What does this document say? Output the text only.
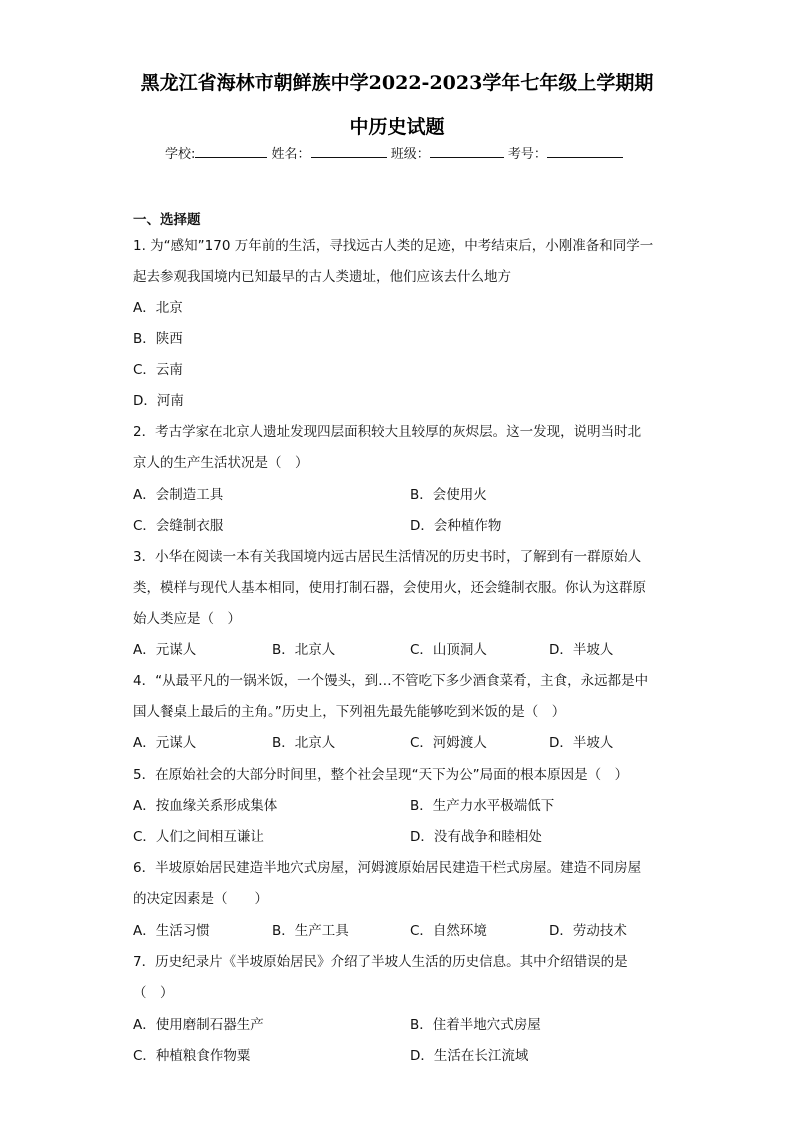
黑龙江省海林市朝鲜族中学2022-2023学年七年级上学期期
中历史试题
学校:	姓名：	班级：	考号：
一、选择题
1. 为“感知”170 万年前的生活，寻找远古人类的足迹，中考结束后，小刚准备和同学一
起去参观我国境内已知最早的古人类遗址，他们应该去什么地方
A．北京
B．陕西
C．云南
D．河南
2．考古学家在北京人遗址发现四层面积较大且较厚的灰烬层。这一发现，说明当时北
京人的生产生活状况是（　）
A．会制造工具	B．会使用火
C．会缝制衣服	D．会种植作物
3．小华在阅读一本有关我国境内远古居民生活情况的历史书时，了解到有一群原始人
类，模样与现代人基本相同，使用打制石器，会使用火，还会缝制衣服。你认为这群原
始人类应是（　）
A．元谋人	B．北京人	C．山顶洞人	D．半坡人
4．“从最平凡的一锅米饭，一个馒头，到…不管吃下多少酒食菜肴，主食，永远都是中
国人餐桌上最后的主角。”历史上，下列祖先最先能够吃到米饭的是（　）
A．元谋人	B．北京人	C．河姆渡人	D．半坡人
5．在原始社会的大部分时间里，整个社会呈现“天下为公”局面的根本原因是（　）
A．按血缘关系形成集体	B．生产力水平极端低下
C．人们之间相互谦让	D．没有战争和睦相处
6．半坡原始居民建造半地穴式房屋，河姆渡原始居民建造干栏式房屋。建造不同房屋
的决定因素是（　　）
A．生活习惯	B．生产工具	C．自然环境	D．劳动技术
7．历史纪录片《半坡原始居民》介绍了半坡人生活的历史信息。其中介绍错误的是
（　）
A．使用磨制石器生产	B．住着半地穴式房屋
C．种植粮食作物粟	D．生活在长江流域
